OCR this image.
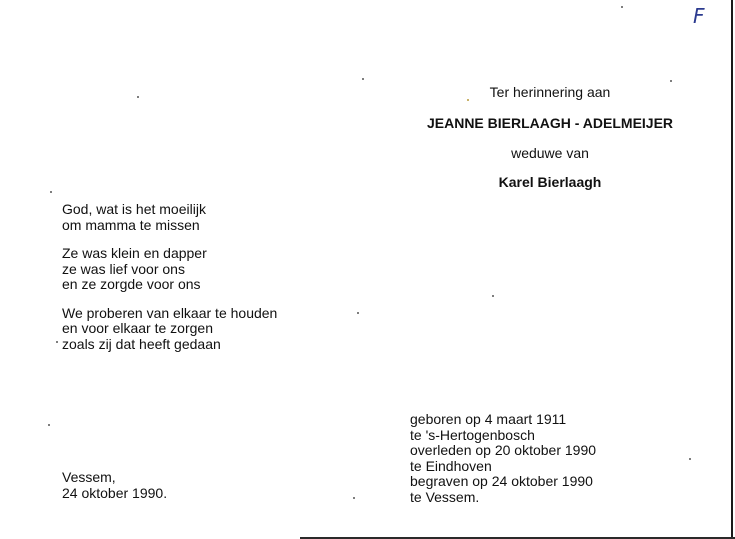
F
Ter herinnering aan
JEANNE BIERLAAGH - ADELMEIJER
weduwe van
Karel Bierlaagh
God, wat is het moeilijk
om mamma te missen
Ze was klein en dapper
ze was lief voor ons
en ze zorgde voor ons
We proberen van elkaar te houden
en voor elkaar te zorgen
zoals zij dat heeft gedaan
geboren op 4 maart 1911
te 's-Hertogenbosch
overleden op 20 oktober 1990
te Eindhoven
begraven op 24 oktober 1990
te Vessem.
Vessem,
24 oktober 1990.
